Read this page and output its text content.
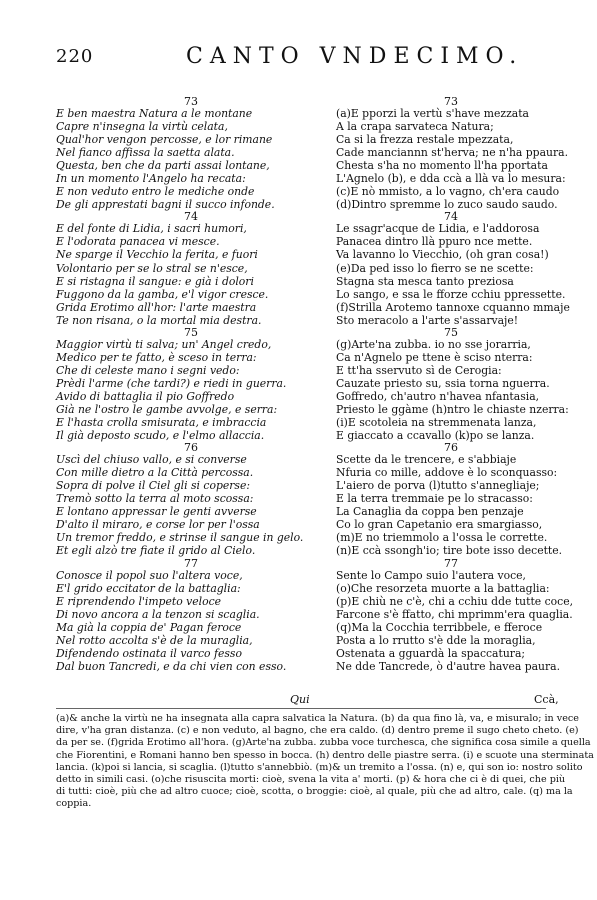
220	CANTO VNDECIMO.
73
E ben maestra Natura a le montane
Capre n'insegna la virtù celata,
Qual'hor vengon percosse, e lor rimane
Nel fianco affissa la saetta alata.
Questa, ben che da parti assai lontane,
In un momento l'Angelo ha recata:
E non veduto entro le mediche onde
De gli apprestati bagni il succo infonde.
74
E del fonte di Lidia, i sacri humori,
E l'odorata panacea vi mesce.
Ne sparge il Vecchio la ferita, e fuori
Volontario per se lo stral se n'esce,
E si ristagna il sangue: e già i dolori
Fuggono da la gamba, e'l vigor cresce.
Grida Erotimo all'hor: l'arte maestra
Te non risana, o la mortal mia destra.
75
Maggior virtù ti salva; un' Angel credo,
Medico per te fatto, è sceso in terra:
Che di celeste mano i segni vedo:
Prèdi l'arme (che tardi?) e riedi in guerra.
Avido di battaglia il pio Goffredo
Già ne l'ostro le gambe avvolge, e serra:
E l'hasta crolla smisurata, e imbraccia
Il già deposto scudo, e l'elmo allaccia.
76
Uscì del chiuso vallo, e si converse
Con mille dietro a la Città percossa.
Sopra di polve il Ciel gli si coperse:
Tremò sotto la terra al moto scossa:
E lontano appressar le genti avverse
D'alto il miraro, e corse lor per l'ossa
Un tremor freddo, e strinse il sangue in gelo.
Et egli alzò tre fiate il grido al Cielo.
77
Conosce il popol suo l'altera voce,
E'l grido eccitator de la battaglia:
E riprendendo l'impeto veloce
Di novo ancora a la tenzon si scaglia.
Ma già la coppia de' Pagan feroce
Nel rotto accolta s'è de la muraglia,
Difendendo ostinata il varco fesso
Dal buon Tancredi, e da chi vien con esso.
73
(a)E pporzi la vertù s'have mezzata
A la crapa sarvateca Natura;
Ca si la frezza restale mpezzata,
Cade manciannn st'herva; ne n'ha ppaura.
Chesta s'ha no momento ll'ha pportata
L'Agnelo (b), e dda ccà a llà va lo mesura:
(c)E nò mmisto, a lo vagno, ch'era caudo
(d)Dintro spremme lo zuco saudo saudo.
74
Le ssagr'acque de Lidia, e l'addorosa
Panacea dintro llà ppuro nce mette.
Va lavanno lo Viecchio, (oh gran cosa!)
(e)Da ped isso lo fierro se ne scette:
Stagna sta mesca tanto preziosa
Lo sango, e ssa le fforze cchiu ppressette.
(f)Strilla Arotemo tannoxe cquanno mmaje
Sto meracolo a l'arte s'assarvaje!
75
(g)Arte'na zubba. io no sse jorarria,
Ca n'Agnelo pe ttene è sciso nterra:
E tt'ha sservuto sì de Cerogia:
Cauzate priesto su, ssia torna nguerra.
Goffredo, ch'autro n'havea nfantasia,
Priesto le ggàme (h)ntro le chiaste nzerra:
(i)E scotoleia na stremmenata lanza,
E giaccato a ccavallo (k)po se lanza.
76
Scette da le trencere, e s'abbiaje
Nfuria co mille, addove è lo sconquasso:
L'aiero de porva (l)tutto s'annegliaje;
E la terra tremmaie pe lo stracasso:
La Canaglia da coppa ben penzaje
Co lo gran Capetanio era smargiasso,
(m)E no triemmolo a l'ossa le corrette.
(n)E ccà ssongh'io; tire bote isso decette.
77
Sente lo Campo suio l'autera voce,
(o)Che resorzeta muorte a la battaglia:
(p)E chiù ne c'è, chi a cchiu dde tutte coce,
Farcone s'è ffatto, chi mprimm'era quaglia.
(q)Ma la Cocchia terribbele, e fferoce
Posta a lo rrutto s'è dde la moraglia,
Ostenata a gguardà la spaccatura;
Ne dde Tancrede, ò d'autre havea paura.
Qui	Ccà,
(a)& anche la virtù ne ha insegnata alla capra salvatica la Natura. (b) da qua fino là, va, e misuralo; in vece
dire, v'ha gran distanza. (c) e non veduto, al bagno, che era caldo. (d) dentro preme il sugo cheto cheto. (e)
da per se. (f)grida Erotimo all'hora. (g)Arte'na zubba. zubba voce turchesca, che significa cosa simile a quella
che Fiorentini, e Romani hanno ben spesso in bocca. (h) dentro delle piastre serra. (i) e scuote una sterminata
lancia. (k)poi si lancia, si scaglia. (l)tutto s'annebbiò. (m)& un tremito a l'ossa. (n) e, qui son io: nostro solito
detto in simili casi. (o)che risuscita morti: cioè, svena la vita a' morti. (p) & hora che ci è di quei, che più
di tutti: cioè, più che ad altro cuoce; cioè, scotta, o broggie: cioè, al quale, più che ad altro, cale. (q) ma la
coppia.
